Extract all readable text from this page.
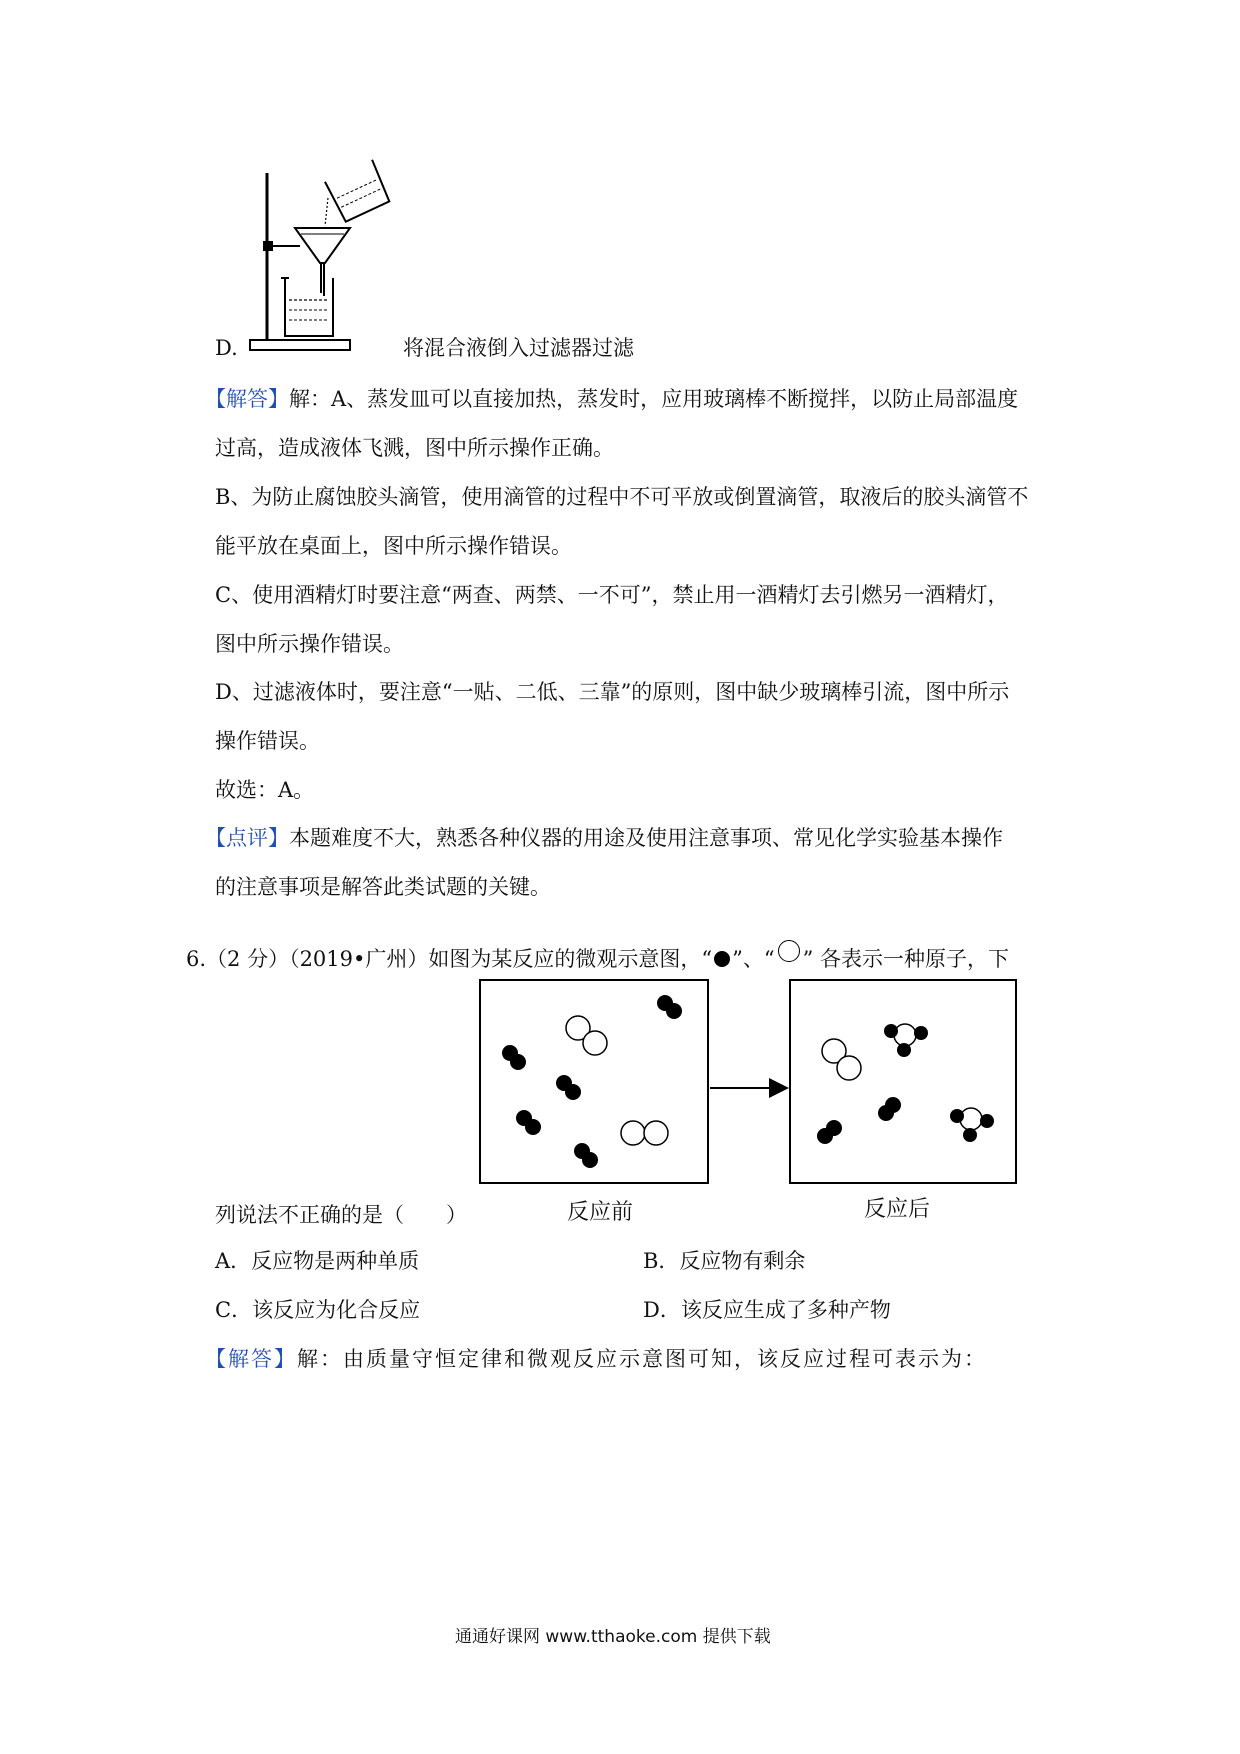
D.	将混合液倒入过滤器过滤
【解答】解：A、蒸发皿可以直接加热，蒸发时，应用玻璃棒不断搅拌，以防止局部温度
过高，造成液体飞溅，图中所示操作正确。
B、为防止腐蚀胶头滴管，使用滴管的过程中不可平放或倒置滴管，取液后的胶头滴管不
能平放在桌面上，图中所示操作错误。
C、使用酒精灯时要注意“两查、两禁、一不可”，禁止用一酒精灯去引燃另一酒精灯，
图中所示操作错误。
D、过滤液体时，要注意“一贴、二低、三靠”的原则，图中缺少玻璃棒引流，图中所示
操作错误。
故选：A。
【点评】本题难度不大，熟悉各种仪器的用途及使用注意事项、常见化学实验基本操作
的注意事项是解答此类试题的关键。
6.（2 分）（2019•广州）如图为某反应的微观示意图，“ ”、“ ” 各表示一种原子，下
反应前	反应后
列说法不正确的是（　　）
A．反应物是两种单质	B．反应物有剩余
C．该反应为化合反应	D．该反应生成了多种产物
【解答】解：由质量守恒定律和微观反应示意图可知，该反应过程可表示为：
通通好课网 www.tthaoke.com 提供下载
